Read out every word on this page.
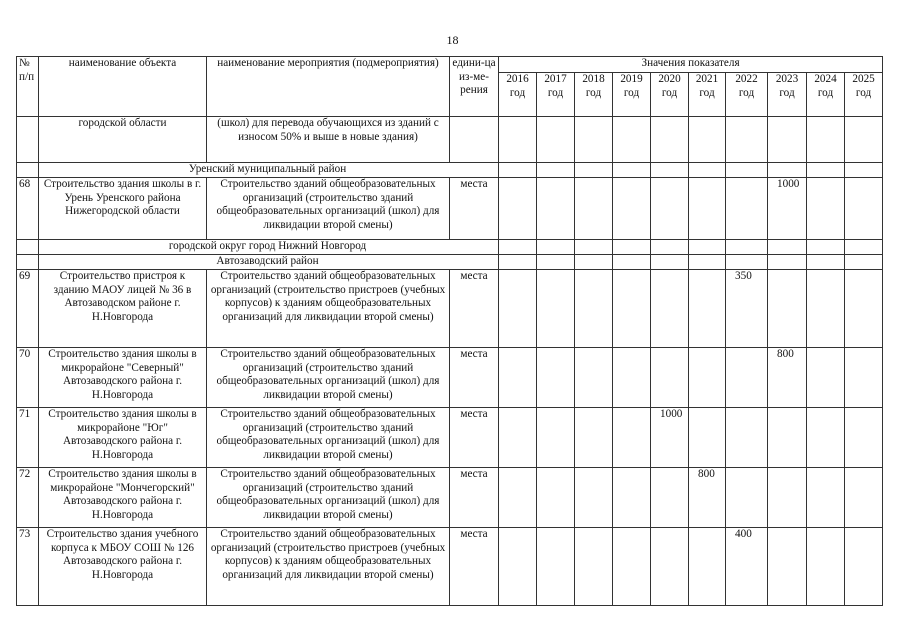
18
№ п/п	наименование объекта	наименование мероприятия (подмероприятия)	едини-ца из-ме-рения	Значения показателя									
				2016 год	2017 год	2018 год	2019 год	2020 год	2021 год	2022 год	2023 год	2024 год	2025 год
	городской области	(школ) для перевода обучающихся из зданий с износом 50% и выше в новые здания)											
	Уренский муниципальный район												
68	Строительство здания школы в г. Урень Уренского района Нижегородской области	Строительство зданий общеобразовательных организаций (строительство зданий общеобразовательных организаций (школ) для ликвидации второй смены)	места								1000		
	городской округ город Нижний Новгород												
	Автозаводский район												
69	Строительство пристроя к зданию МАОУ лицей № 36 в Автозаводском районе г. Н.Новгорода	Строительство зданий общеобразовательных организаций (строительство пристроев (учебных корпусов) к зданиям общеобразовательных организаций для ликвидации второй смены)	места							350			
70	Строительство здания школы в микрорайоне "Северный" Автозаводского района г. Н.Новгорода	Строительство зданий общеобразовательных организаций (строительство зданий общеобразовательных организаций (школ) для ликвидации второй смены)	места								800		
71	Строительство здания школы в микрорайоне "Юг" Автозаводского района г. Н.Новгорода	Строительство зданий общеобразовательных организаций (строительство зданий общеобразовательных организаций (школ) для ликвидации второй смены)	места					1000					
72	Строительство здания школы в микрорайоне "Мончегорский" Автозаводского района г. Н.Новгорода	Строительство зданий общеобразовательных организаций (строительство зданий общеобразовательных организаций (школ) для ликвидации второй смены)	места						800				
73	Строительство здания учебного корпуса к МБОУ СОШ № 126 Автозаводского района г. Н.Новгорода	Строительство зданий общеобразовательных организаций (строительство пристроев (учебных корпусов) к зданиям общеобразовательных организаций для ликвидации второй смены)	места							400			
